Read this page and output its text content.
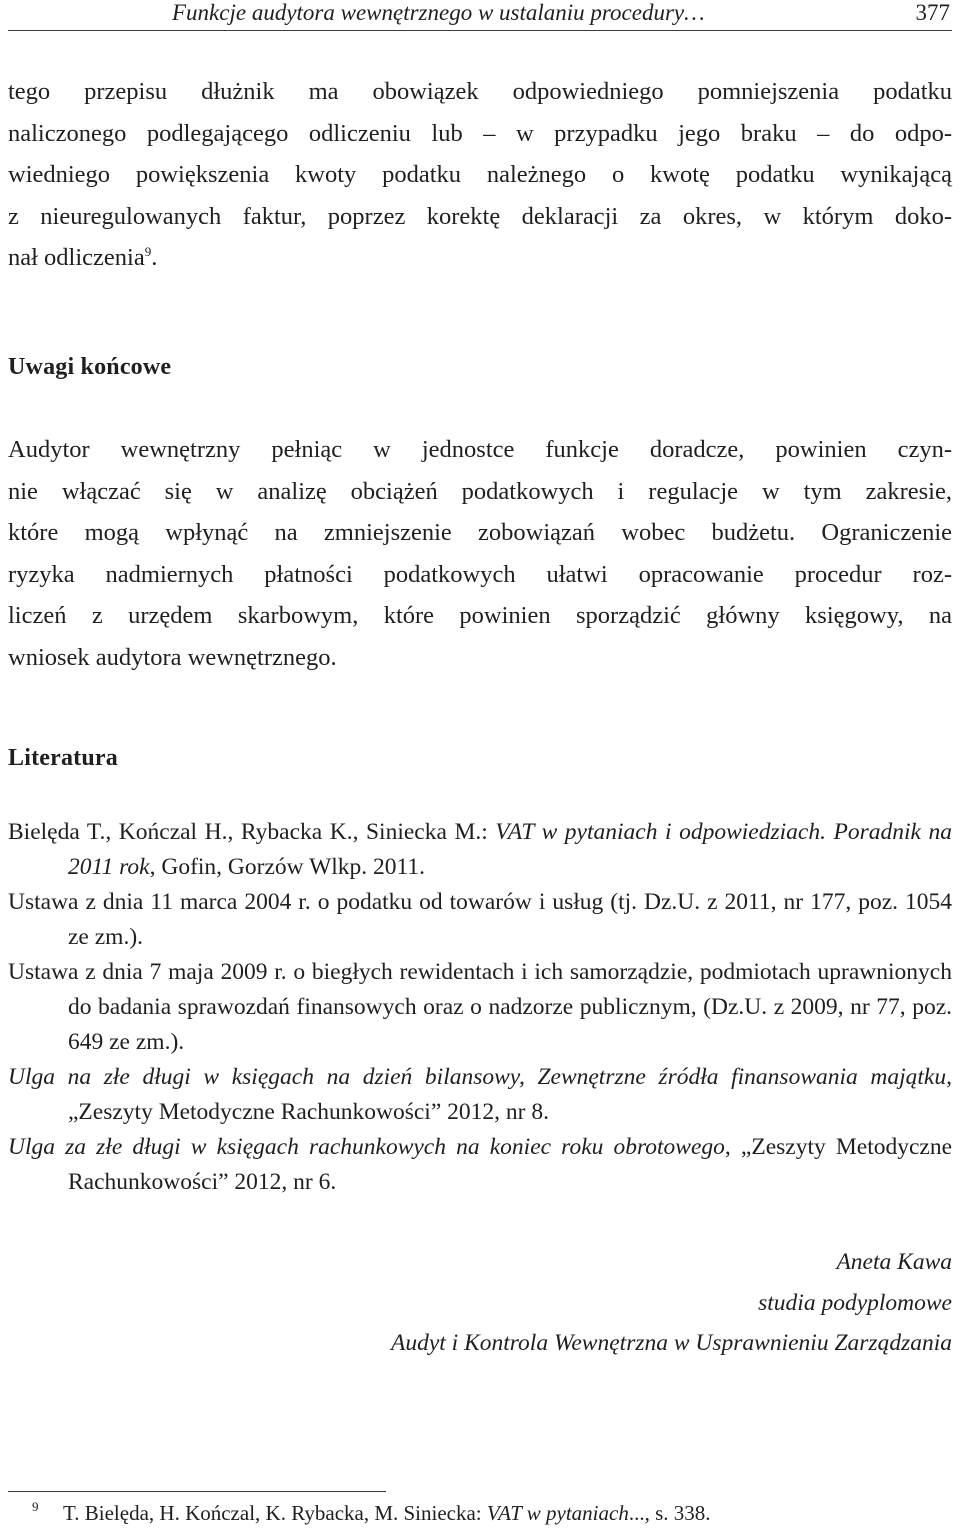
Funkcje audytora wewnętrznego w ustalaniu procedury…	377
tego przepisu dłużnik ma obowiązek odpowiedniego pomniejszenia podatku
naliczonego podlegającego odliczeniu lub – w przypadku jego braku – do odpo-
wiedniego powiększenia kwoty podatku należnego o kwotę podatku wynikającą
z nieuregulowanych faktur, poprzez korektę deklaracji za okres, w którym doko-
nał odliczenia$^9$.
Uwagi końcowe
Audytor wewnętrzny pełniąc w jednostce funkcje doradcze, powinien czyn-
nie włączać się w analizę obciążeń podatkowych i regulacje w tym zakresie,
które mogą wpłynąć na zmniejszenie zobowiązań wobec budżetu. Ograniczenie
ryzyka nadmiernych płatności podatkowych ułatwi opracowanie procedur roz-
liczeń z urzędem skarbowym, które powinien sporządzić główny księgowy, na
wniosek audytora wewnętrznego.
Literatura

Bielęda T., Kończal H., Rybacka K., Siniecka M.: VAT w pytaniach i odpowiedziach. Poradnik na 2011 rok, Gofin, Gorzów Wlkp. 2011.

Ustawa z dnia 11 marca 2004 r. o podatku od towarów i usług (tj. Dz.U. z 2011, nr 177, poz. 1054 ze zm.).

Ustawa z dnia 7 maja 2009 r. o biegłych rewidentach i ich samorządzie, podmiotach uprawnionych do badania sprawozdań finansowych oraz o nadzorze publicznym, (Dz.U. z 2009, nr 77, poz. 649 ze zm.).

Ulga na złe długi w księgach na dzień bilansowy, Zewnętrzne źródła finansowania majątku, „Zeszyty Metodyczne Rachunkowości” 2012, nr 8.

Ulga za złe długi w księgach rachunkowych na koniec roku obrotowego, „Zeszyty Metodyczne Rachunkowości” 2012, nr 6.

Aneta Kawa
studia podyplomowe
Audyt i Kontrola Wewnętrzna w Usprawnieniu Zarządzania
9 T. Bielęda, H. Kończal, K. Rybacka, M. Siniecka: VAT w pytaniach..., s. 338.
